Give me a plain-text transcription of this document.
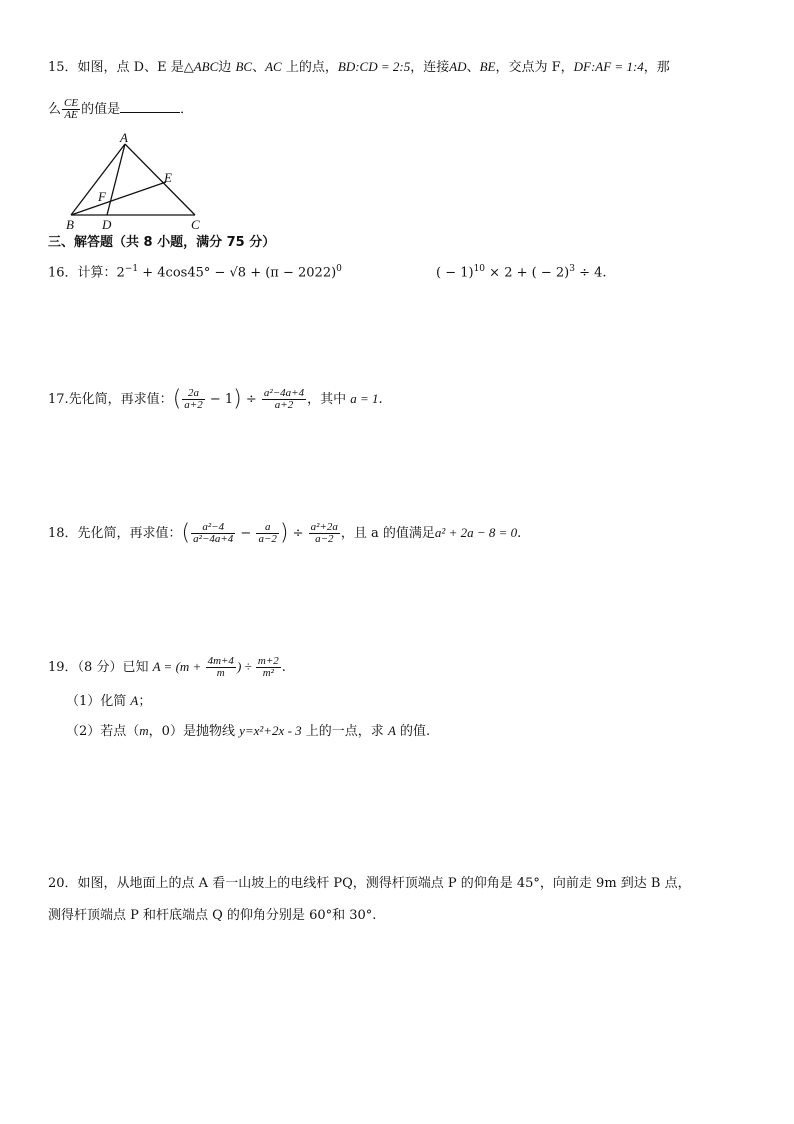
15．如图，点 D、E 是△ABC边 BC、AC 上的点，BD:CD = 2:5，连接AD、BE，交点为 F，DF:AF = 1:4，那
么 $\frac{CE}{AE}$ 的值是	．
A
B	C
D
E
F
三、解答题（共 8 小题，满分 75 分）
16．计算：$2^{-1} + 4\cos 45^\circ - √8 + (\pi - 2022)^0$	( − 1)$^{10}$ × 2 + ( − 2)$^3$ ÷ 4.
17.先化简，再求值：( $\frac{2a}{a+2} - 1) \div \frac{\text{a²−4a+4}}{a+2}$ ，其中 a = 1.
18．先化简，再求值：( $\frac{\text{a²−4}}{\text{a²−4a+4}} - \frac{a}{a-2}$ ) ÷ $\frac{\text{a²+2a}}{a-2}$ ，且 a 的值满足a² + 2a − 8 = 0.
19．（8 分）已知 $A = (m + \frac{4m+4}{m}$ ) ÷ $\frac{m+2}{\text{m²}}$ .
（1）化简 A；
（2）若点（m，0）是抛物线 y=x²+2x - 3 上的一点，求 A 的值.
20．如图，从地面上的点 A 看一山坡上的电线杆 PQ，测得杆顶端点 P 的仰角是 45°，向前走 9m 到达 B 点，
测得杆顶端点 P 和杆底端点 Q 的仰角分别是 60°和 30°.
